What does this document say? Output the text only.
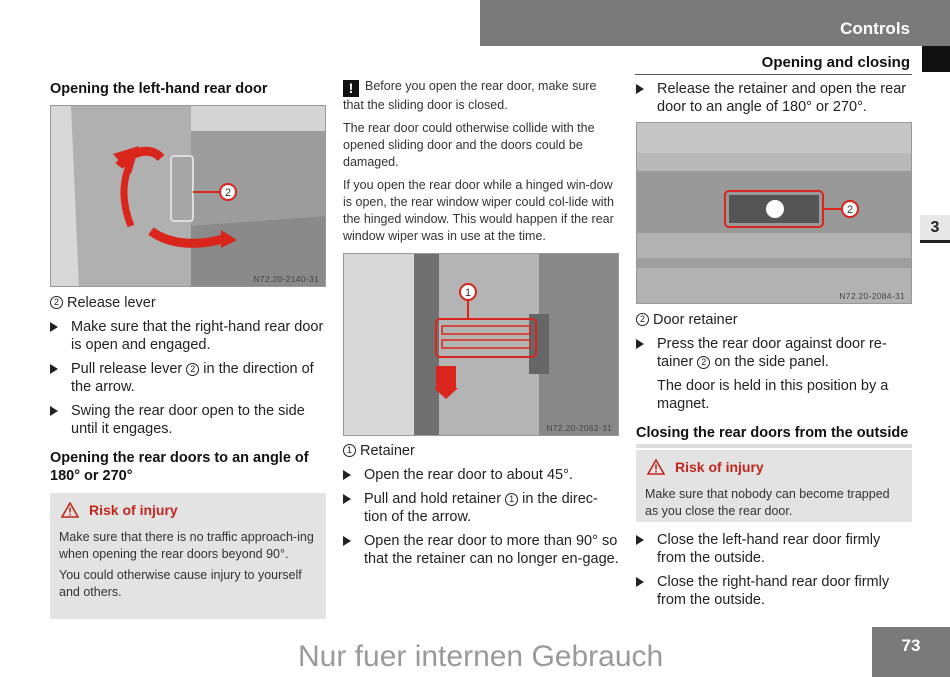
Controls
Opening and closing
3
Opening the left-hand rear door
2
N72.20-2140-31
2 Release lever
Make sure that the right-hand rear door is open and engaged.
Pull release lever 2 in the direction of the arrow.
Swing the rear door open to the side until it engages.
Opening the rear doors to an angle of 180° or 270°
Risk of injury
Make sure that there is no traffic approach-ing when opening the rear doors beyond 90°.
You could otherwise cause injury to yourself and others.
! Before you open the rear door, make sure that the sliding door is closed.
The rear door could otherwise collide with the opened sliding door and the doors could be damaged.
If you open the rear door while a hinged win-dow is open, the rear window wiper could col-lide with the hinged window. This would happen if the rear window wiper was in use at the time.
1
N72.20-2062-31
1 Retainer
Open the rear door to about 45°.
Pull and hold retainer 1 in the direc-tion of the arrow.
Open the rear door to more than 90° so that the retainer can no longer en-gage.
Release the retainer and open the rear door to an angle of 180° or 270°.
2
N72.20-2084-31
2 Door retainer
Press the rear door against door re-tainer 2 on the side panel.
The door is held in this position by a magnet.
Closing the rear doors from the outside
Risk of injury
Make sure that nobody can become trapped as you close the rear door.
Close the left-hand rear door firmly from the outside.
Close the right-hand rear door firmly from the outside.
73
Nur fuer internen Gebrauch
